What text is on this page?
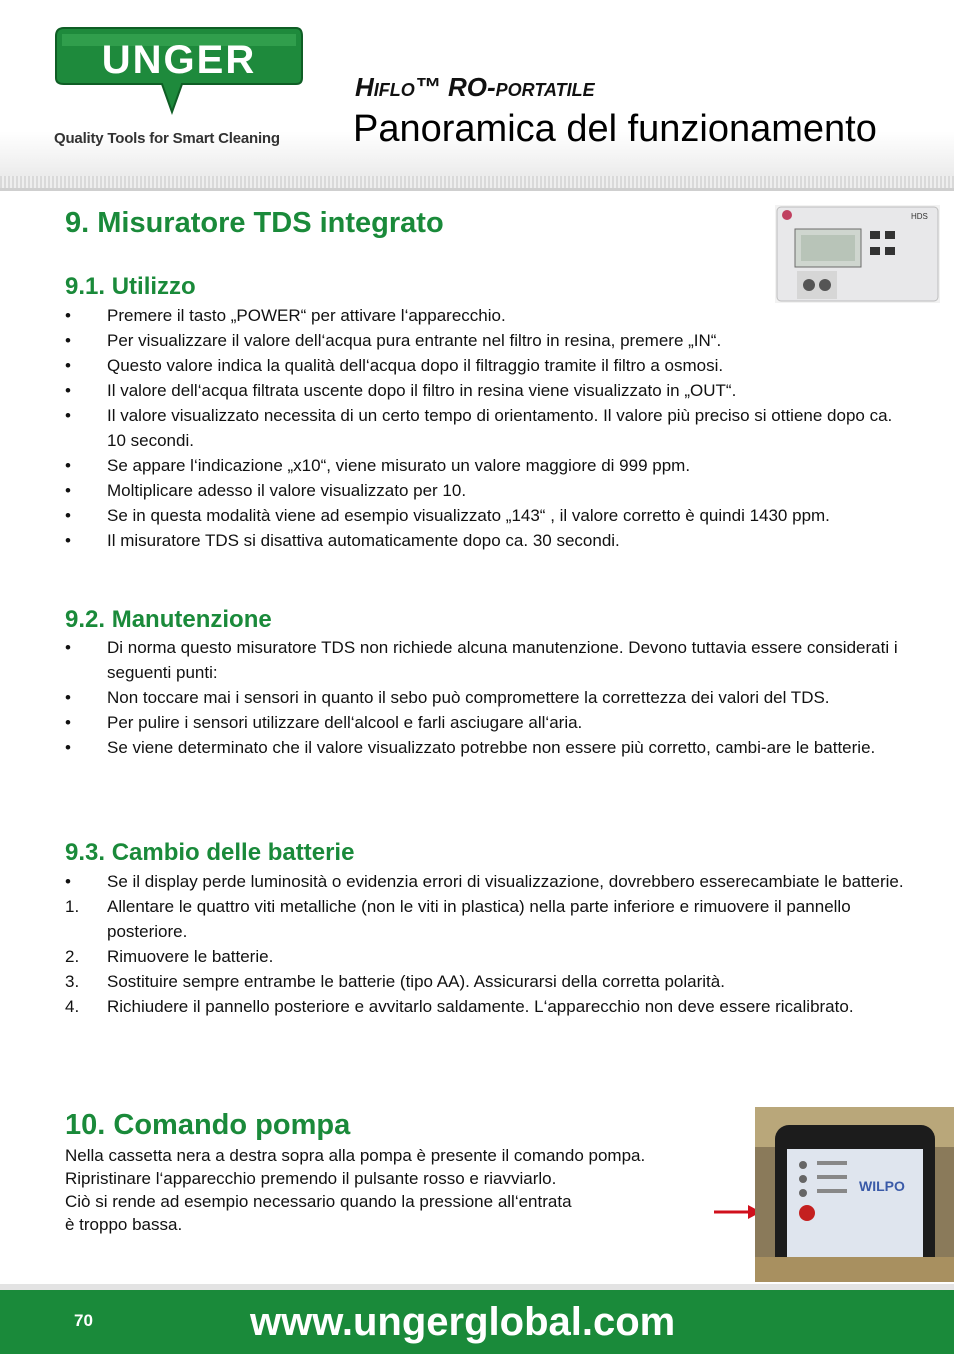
UNGER
Quality Tools for Smart Cleaning
HIFLO™ RO-PORTATILE
Panoramica del funzionamento
9. Misuratore TDS integrato	HDS
9.1. Utilizzo
•	Premere il tasto „POWER“ per attivare l‘apparecchio.
•	Per visualizzare il valore dell‘acqua pura entrante nel filtro in resina, premere „IN“.
•	Questo valore indica la qualità dell‘acqua dopo il filtraggio tramite il filtro a osmosi.
•	Il valore dell‘acqua filtrata uscente dopo il filtro in resina viene visualizzato in „OUT“.
•	Il valore visualizzato necessita di un certo tempo di orientamento. Il valore più preciso si ottiene dopo ca. 10 secondi.
•	Se appare l‘indicazione „x10“, viene misurato un valore maggiore di 999 ppm.
•	Moltiplicare adesso il valore visualizzato per 10.
•	Se in questa modalità viene ad esempio visualizzato „143“ , il valore corretto è quindi 1430 ppm.
•	Il misuratore TDS si disattiva automaticamente dopo ca. 30 secondi.
9.2. Manutenzione
•	Di norma questo misuratore TDS non richiede alcuna manutenzione. Devono tuttavia essere considerati i seguenti punti:
•	Non toccare mai i sensori in quanto il sebo può compromettere la correttezza dei valori del TDS.
•	Per pulire i sensori utilizzare dell‘alcool e farli asciugare all‘aria.
•	Se viene determinato che il valore visualizzato potrebbe non essere più corretto, cambi-are le batterie.
9.3. Cambio delle batterie
•	Se il display perde luminosità o evidenzia errori di visualizzazione, dovrebbero esserecambiate le batterie.
1.	Allentare le quattro viti metalliche (non le viti in plastica) nella parte inferiore e rimuovere il pannello posteriore.
2.	Rimuovere le batterie.
3.	Sostituire sempre entrambe le batterie (tipo AA). Assicurarsi della corretta polarità.
4.	Richiudere il pannello posteriore e avvitarlo saldamente. L‘apparecchio non deve essere ricalibrato.
10. Comando pompa
Nella cassetta nera a destra sopra alla pompa è presente il comando pompa.
Ripristinare l‘apparecchio premendo il pulsante rosso e riavviarlo.
Ciò si rende ad esempio necessario quando la pressione all‘entrata
è troppo bassa.
WILPO
70	www.ungerglobal.com
